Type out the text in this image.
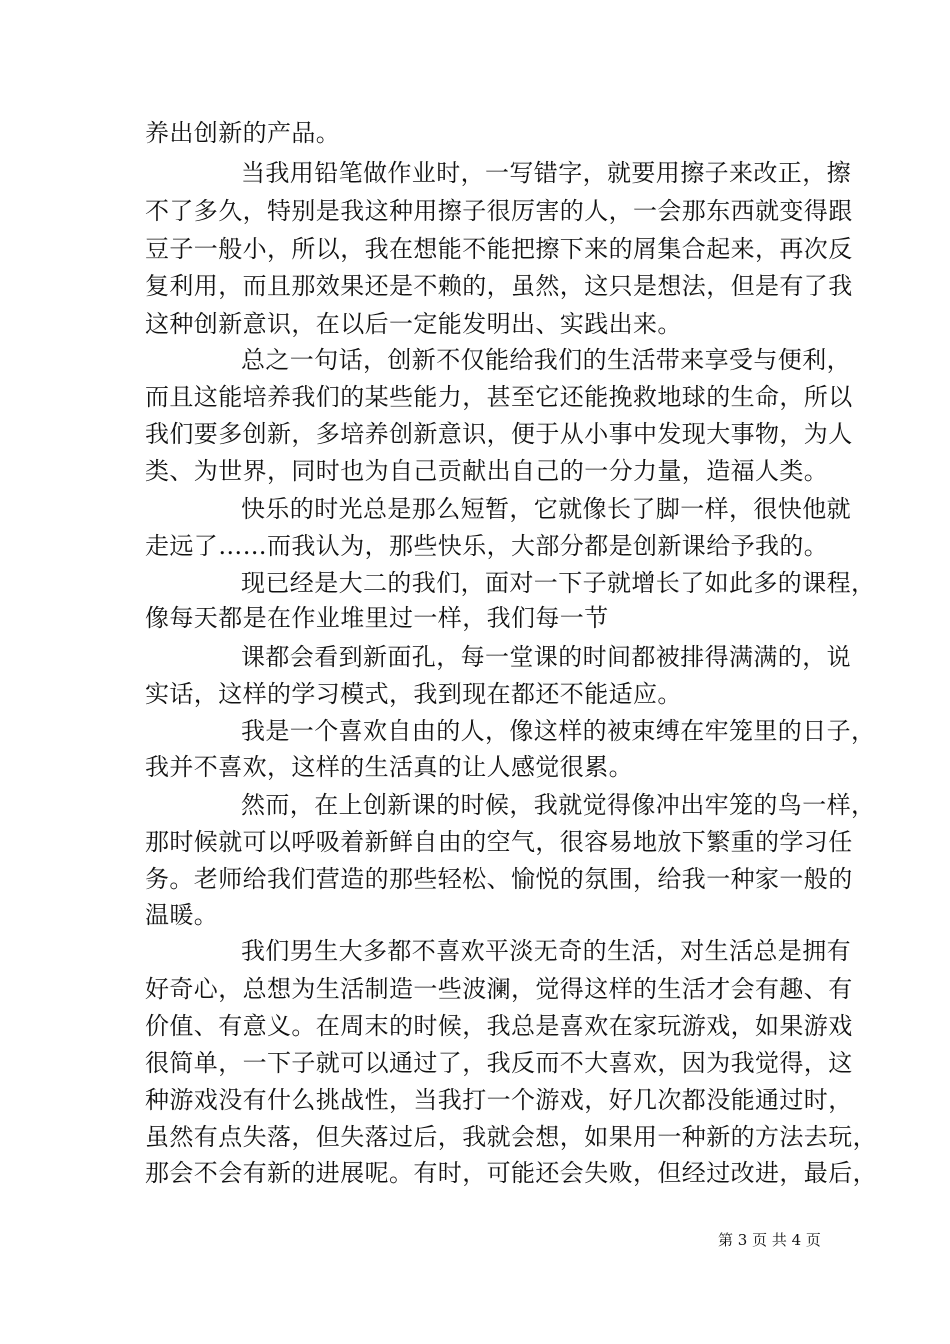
养出创新的产品。
当我用铅笔做作业时，一写错字，就要用擦子来改正，擦
不了多久，特别是我这种用擦子很厉害的人，一会那东西就变得跟
豆子一般小，所以，我在想能不能把擦下来的屑集合起来，再次反
复利用，而且那效果还是不赖的，虽然，这只是想法，但是有了我
这种创新意识，在以后一定能发明出、实践出来。
总之一句话，创新不仅能给我们的生活带来享受与便利，
而且这能培养我们的某些能力，甚至它还能挽救地球的生命，所以
我们要多创新，多培养创新意识，便于从小事中发现大事物，为人
类、为世界，同时也为自己贡献出自己的一分力量，造福人类。
快乐的时光总是那么短暂，它就像长了脚一样，很快他就
走远了……而我认为，那些快乐，大部分都是创新课给予我的。
现已经是大二的我们，面对一下子就增长了如此多的课程，
像每天都是在作业堆里过一样，我们每一节
课都会看到新面孔，每一堂课的时间都被排得满满的，说
实话，这样的学习模式，我到现在都还不能适应。
我是一个喜欢自由的人，像这样的被束缚在牢笼里的日子，
我并不喜欢，这样的生活真的让人感觉很累。
然而，在上创新课的时候，我就觉得像冲出牢笼的鸟一样，
那时候就可以呼吸着新鲜自由的空气，很容易地放下繁重的学习任
务。老师给我们营造的那些轻松、愉悦的氛围，给我一种家一般的
温暖。
我们男生大多都不喜欢平淡无奇的生活，对生活总是拥有
好奇心，总想为生活制造一些波澜，觉得这样的生活才会有趣、有
价值、有意义。在周末的时候，我总是喜欢在家玩游戏，如果游戏
很简单，一下子就可以通过了，我反而不大喜欢，因为我觉得，这
种游戏没有什么挑战性，当我打一个游戏，好几次都没能通过时，
虽然有点失落，但失落过后，我就会想，如果用一种新的方法去玩，
那会不会有新的进展呢。有时，可能还会失败，但经过改进，最后，
第 3 页 共 4 页
